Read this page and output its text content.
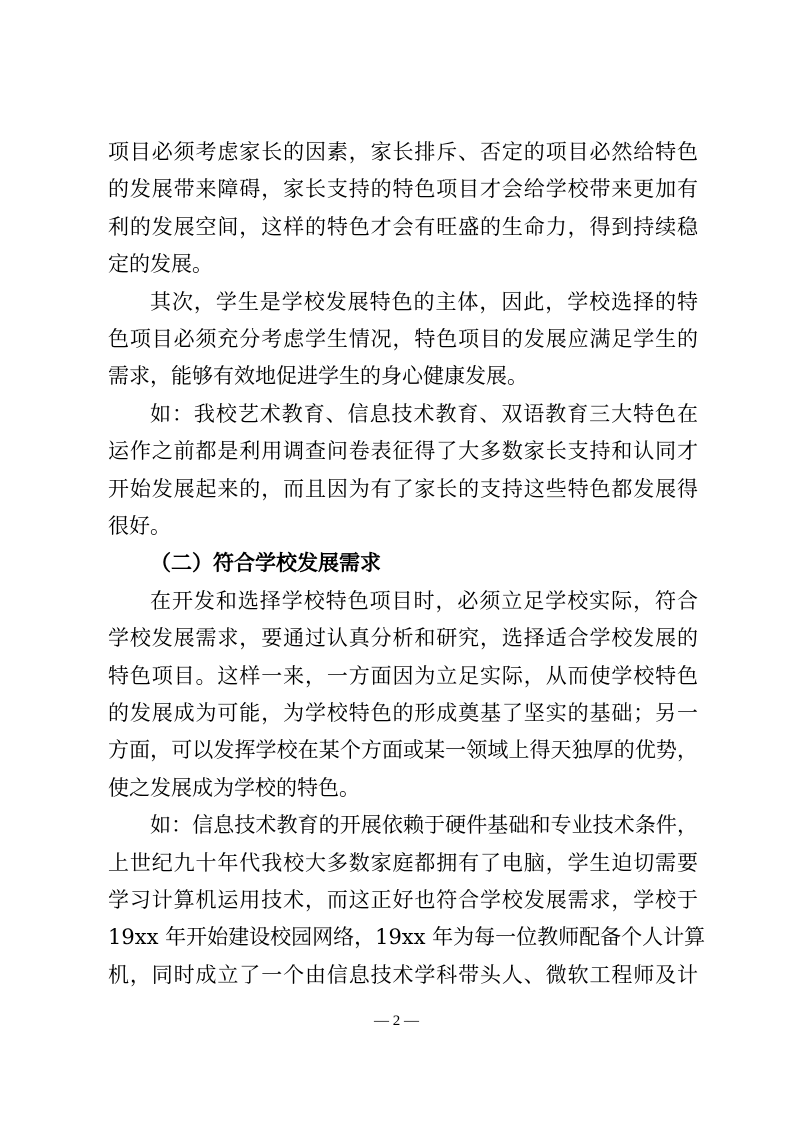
项目必须考虑家长的因素，家长排斥、否定的项目必然给特色
的发展带来障碍，家长支持的特色项目才会给学校带来更加有
利的发展空间，这样的特色才会有旺盛的生命力，得到持续稳
定的发展。
其次，学生是学校发展特色的主体，因此，学校选择的特
色项目必须充分考虑学生情况，特色项目的发展应满足学生的
需求，能够有效地促进学生的身心健康发展。
如：我校艺术教育、信息技术教育、双语教育三大特色在
运作之前都是利用调查问卷表征得了大多数家长支持和认同才
开始发展起来的，而且因为有了家长的支持这些特色都发展得
很好。
（二）符合学校发展需求
在开发和选择学校特色项目时，必须立足学校实际，符合
学校发展需求，要通过认真分析和研究，选择适合学校发展的
特色项目。这样一来，一方面因为立足实际，从而使学校特色
的发展成为可能，为学校特色的形成奠基了坚实的基础；另一
方面，可以发挥学校在某个方面或某一领域上得天独厚的优势，
使之发展成为学校的特色。
如：信息技术教育的开展依赖于硬件基础和专业技术条件，
上世纪九十年代我校大多数家庭都拥有了电脑，学生迫切需要
学习计算机运用技术，而这正好也符合学校发展需求，学校于
19xx 年开始建设校园网络，19xx 年为每一位教师配备个人计算
— 2 —
机，同时成立了一个由信息技术学科带头人、微软工程师及计
